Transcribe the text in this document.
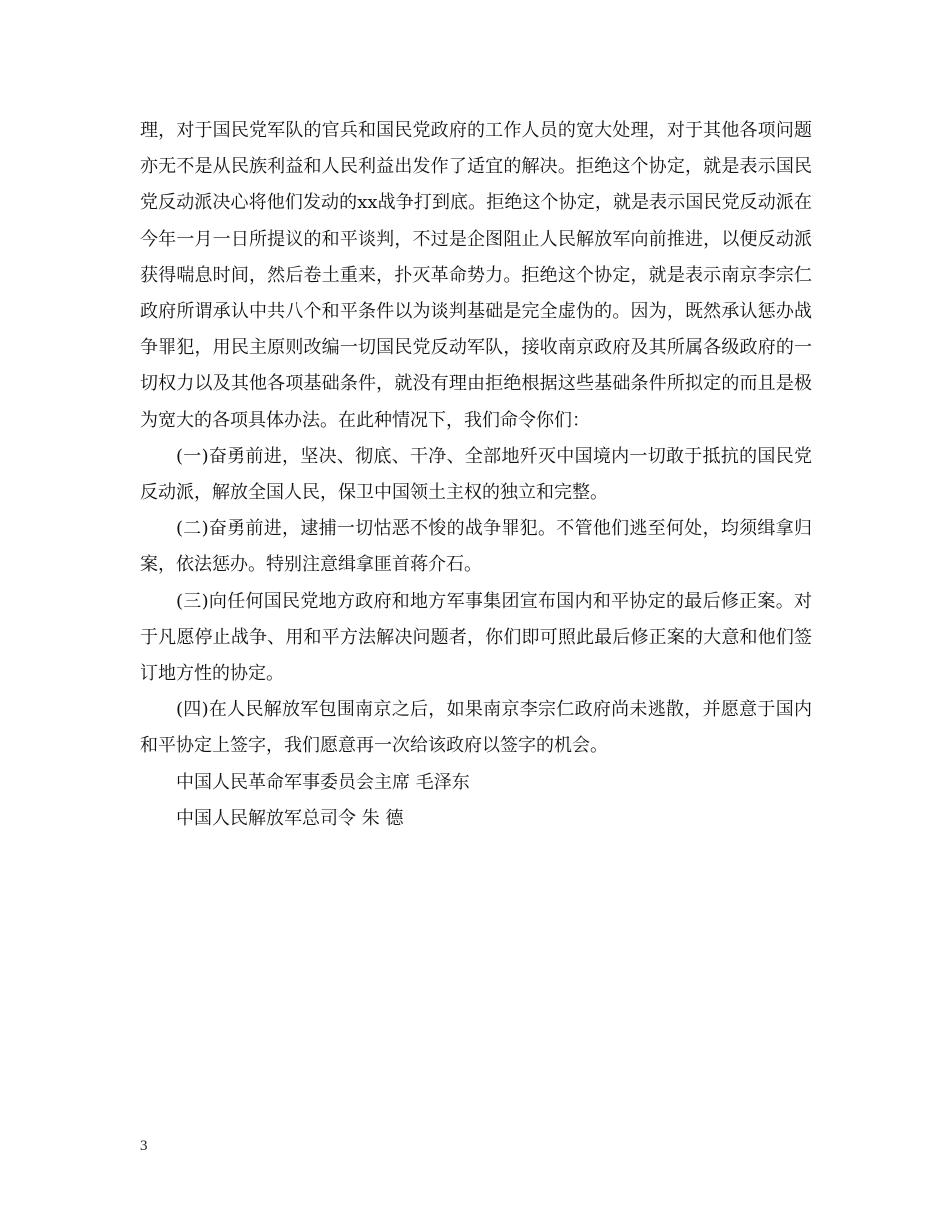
理，对于国民党军队的官兵和国民党政府的工作人员的宽大处理，对于其他各项问题亦无不是从民族利益和人民利益出发作了适宜的解决。拒绝这个协定，就是表示国民党反动派决心将他们发动的xx战争打到底。拒绝这个协定，就是表示国民党反动派在今年一月一日所提议的和平谈判，不过是企图阻止人民解放军向前推进，以便反动派获得喘息时间，然后卷土重来，扑灭革命势力。拒绝这个协定，就是表示南京李宗仁政府所谓承认中共八个和平条件以为谈判基础是完全虚伪的。因为，既然承认惩办战争罪犯，用民主原则改编一切国民党反动军队，接收南京政府及其所属各级政府的一切权力以及其他各项基础条件，就没有理由拒绝根据这些基础条件所拟定的而且是极为宽大的各项具体办法。在此种情况下，我们命令你们：

(一)奋勇前进，坚决、彻底、干净、全部地歼灭中国境内一切敢于抵抗的国民党反动派，解放全国人民，保卫中国领土主权的独立和完整。

(二)奋勇前进，逮捕一切怙恶不悛的战争罪犯。不管他们逃至何处，均须缉拿归案，依法惩办。特别注意缉拿匪首蒋介石。

(三)向任何国民党地方政府和地方军事集团宣布国内和平协定的最后修正案。对于凡愿停止战争、用和平方法解决问题者，你们即可照此最后修正案的大意和他们签订地方性的协定。

(四)在人民解放军包围南京之后，如果南京李宗仁政府尚未逃散，并愿意于国内和平协定上签字，我们愿意再一次给该政府以签字的机会。

中国人民革命军事委员会主席 毛泽东

中国人民解放军总司令 朱 德

3
